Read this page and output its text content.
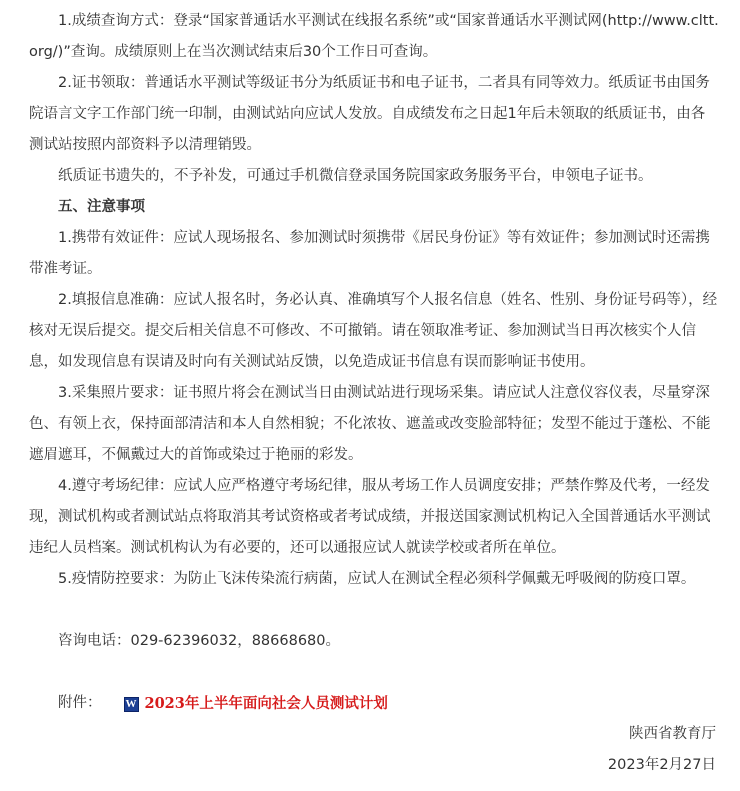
1.成绩查询方式：登录“国家普通话水平测试在线报名系统”或“国家普通话水平测试网(http://www.cltt.org/)”查询。成绩原则上在当次测试结束后30个工作日可查询。

2.证书领取：普通话水平测试等级证书分为纸质证书和电子证书，二者具有同等效力。纸质证书由国务院语言文字工作部门统一印制，由测试站向应试人发放。自成绩发布之日起1年后未领取的纸质证书，由各测试站按照内部资料予以清理销毁。

纸质证书遗失的，不予补发，可通过手机微信登录国务院国家政务服务平台，申领电子证书。

五、注意事项

1.携带有效证件：应试人现场报名、参加测试时须携带《居民身份证》等有效证件；参加测试时还需携带准考证。

2.填报信息准确：应试人报名时，务必认真、准确填写个人报名信息（姓名、性别、身份证号码等），经核对无误后提交。提交后相关信息不可修改、不可撤销。请在领取准考证、参加测试当日再次核实个人信息，如发现信息有误请及时向有关测试站反馈，以免造成证书信息有误而影响证书使用。

3.采集照片要求：证书照片将会在测试当日由测试站进行现场采集。请应试人注意仪容仪表，尽量穿深色、有领上衣，保持面部清洁和本人自然相貌；不化浓妆、遮盖或改变脸部特征；发型不能过于蓬松、不能遮眉遮耳，不佩戴过大的首饰或染过于艳丽的彩发。

4.遵守考场纪律：应试人应严格遵守考场纪律，服从考场工作人员调度安排；严禁作弊及代考，一经发现，测试机构或者测试站点将取消其考试资格或者考试成绩，并报送国家测试机构记入全国普通话水平测试违纪人员档案。测试机构认为有必要的，还可以通报应试人就读学校或者所在单位。

5.疫情防控要求：为防止飞沫传染流行病菌，应试人在测试全程必须科学佩戴无呼吸阀的防疫口罩。

咨询电话：029-62396032，88668680。

附件： W 2023年上半年面向社会人员测试计划

陕西省教育厅

2023年2月27日
